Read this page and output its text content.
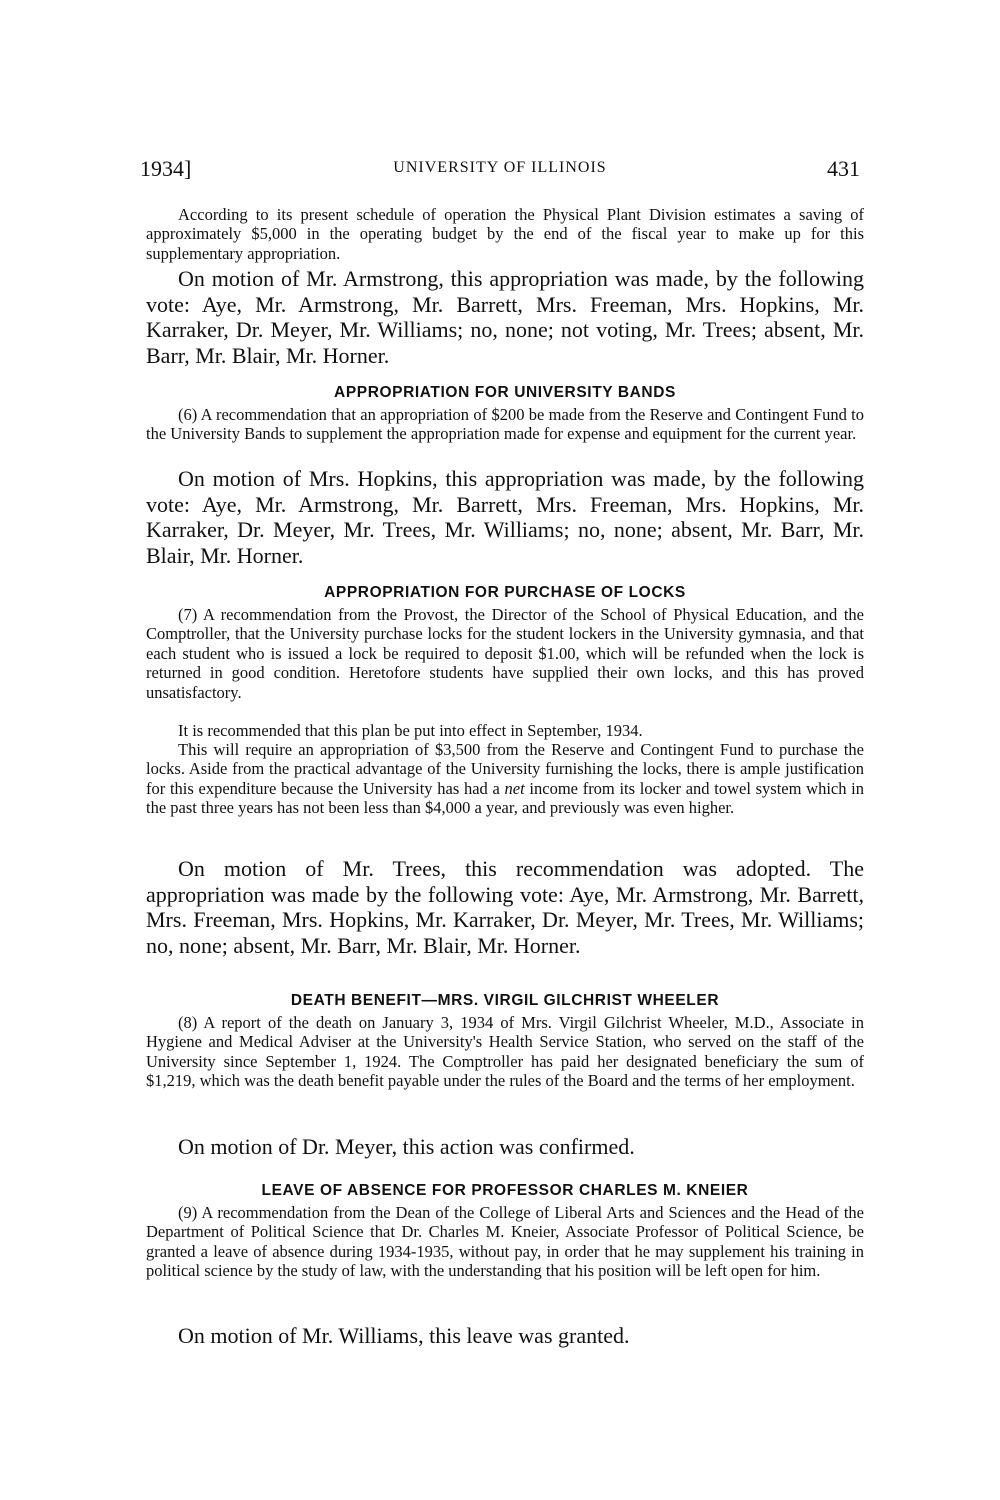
1934]	UNIVERSITY OF ILLINOIS	431

According to its present schedule of operation the Physical Plant Division estimates a saving of approximately $5,000 in the operating budget by the end of the fiscal year to make up for this supplementary appropriation.

On motion of Mr. Armstrong, this appropriation was made, by the following vote: Aye, Mr. Armstrong, Mr. Barrett, Mrs. Freeman, Mrs. Hopkins, Mr. Karraker, Dr. Meyer, Mr. Williams; no, none; not voting, Mr. Trees; absent, Mr. Barr, Mr. Blair, Mr. Horner.

APPROPRIATION FOR UNIVERSITY BANDS

(6) A recommendation that an appropriation of $200 be made from the Reserve and Contingent Fund to the University Bands to supplement the appropriation made for expense and equipment for the current year.

On motion of Mrs. Hopkins, this appropriation was made, by the following vote: Aye, Mr. Armstrong, Mr. Barrett, Mrs. Freeman, Mrs. Hopkins, Mr. Karraker, Dr. Meyer, Mr. Trees, Mr. Williams; no, none; absent, Mr. Barr, Mr. Blair, Mr. Horner.

APPROPRIATION FOR PURCHASE OF LOCKS

(7) A recommendation from the Provost, the Director of the School of Physical Education, and the Comptroller, that the University purchase locks for the student lockers in the University gymnasia, and that each student who is issued a lock be required to deposit $1.00, which will be refunded when the lock is returned in good condition. Heretofore students have supplied their own locks, and this has proved unsatisfactory.

It is recommended that this plan be put into effect in September, 1934.

This will require an appropriation of $3,500 from the Reserve and Contingent Fund to purchase the locks. Aside from the practical advantage of the University furnishing the locks, there is ample justification for this expenditure because the University has had a net income from its locker and towel system which in the past three years has not been less than $4,000 a year, and previously was even higher.

On motion of Mr. Trees, this recommendation was adopted. The appropriation was made by the following vote: Aye, Mr. Armstrong, Mr. Barrett, Mrs. Freeman, Mrs. Hopkins, Mr. Karraker, Dr. Meyer, Mr. Trees, Mr. Williams; no, none; absent, Mr. Barr, Mr. Blair, Mr. Horner.

DEATH BENEFIT—MRS. VIRGIL GILCHRIST WHEELER

(8) A report of the death on January 3, 1934 of Mrs. Virgil Gilchrist Wheeler, M.D., Associate in Hygiene and Medical Adviser at the University's Health Service Station, who served on the staff of the University since September 1, 1924. The Comptroller has paid her designated beneficiary the sum of $1,219, which was the death benefit payable under the rules of the Board and the terms of her employment.

On motion of Dr. Meyer, this action was confirmed.

LEAVE OF ABSENCE FOR PROFESSOR CHARLES M. KNEIER

(9) A recommendation from the Dean of the College of Liberal Arts and Sciences and the Head of the Department of Political Science that Dr. Charles M. Kneier, Associate Professor of Political Science, be granted a leave of absence during 1934-1935, without pay, in order that he may supplement his training in political science by the study of law, with the understanding that his position will be left open for him.

On motion of Mr. Williams, this leave was granted.
